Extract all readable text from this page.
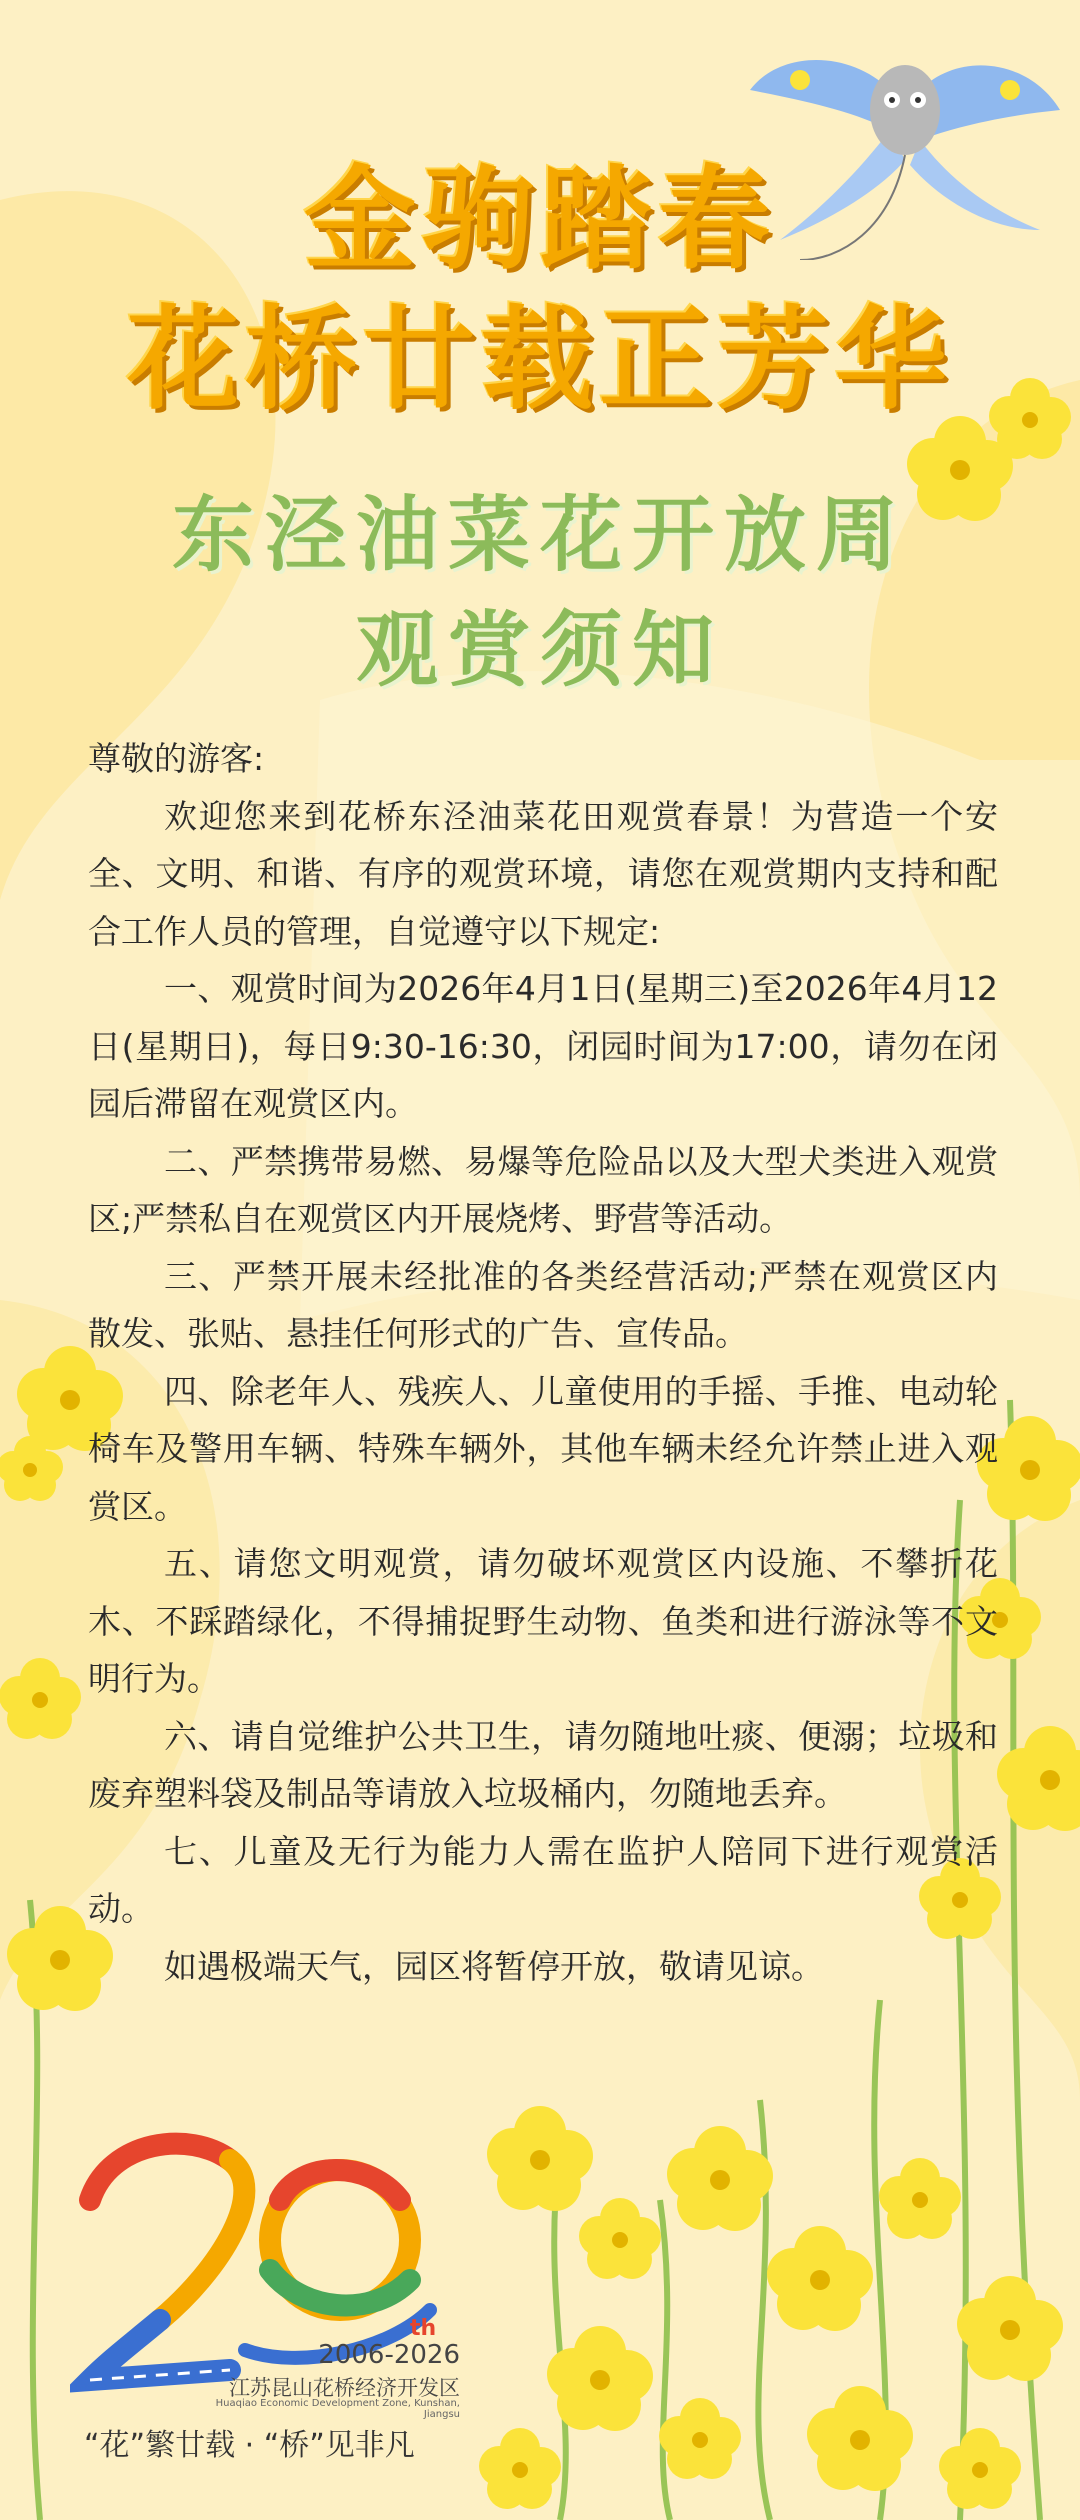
金驹踏春
花桥廿载正芳华
东泾油菜花开放周
观赏须知

尊敬的游客:

欢迎您来到花桥东泾油菜花田观赏春景！为营造一个安全、文明、和谐、有序的观赏环境，请您在观赏期内支持和配合工作人员的管理，自觉遵守以下规定:

一、观赏时间为2026年4月1日(星期三)至2026年4月12日(星期日)，每日9:30-16:30，闭园时间为17:00，请勿在闭园后滞留在观赏区内。

二、严禁携带易燃、易爆等危险品以及大型犬类进入观赏区;严禁私自在观赏区内开展烧烤、野营等活动。

三、严禁开展未经批准的各类经营活动;严禁在观赏区内散发、张贴、悬挂任何形式的广告、宣传品。

四、除老年人、残疾人、儿童使用的手摇、手推、电动轮椅车及警用车辆、特殊车辆外，其他车辆未经允许禁止进入观赏区。

五、请您文明观赏，请勿破坏观赏区内设施、不攀折花木、不踩踏绿化，不得捕捉野生动物、鱼类和进行游泳等不文明行为。

六、请自觉维护公共卫生，请勿随地吐痰、便溺；垃圾和废弃塑料袋及制品等请放入垃圾桶内，勿随地丢弃。

七、儿童及无行为能力人需在监护人陪同下进行观赏活动。

如遇极端天气，园区将暂停开放，敬请见谅。

th
2006-2026
江苏昆山花桥经济开发区
Huaqiao Economic Development Zone, Kunshan, Jiangsu
“花”繁廿载 · “桥”见非凡
